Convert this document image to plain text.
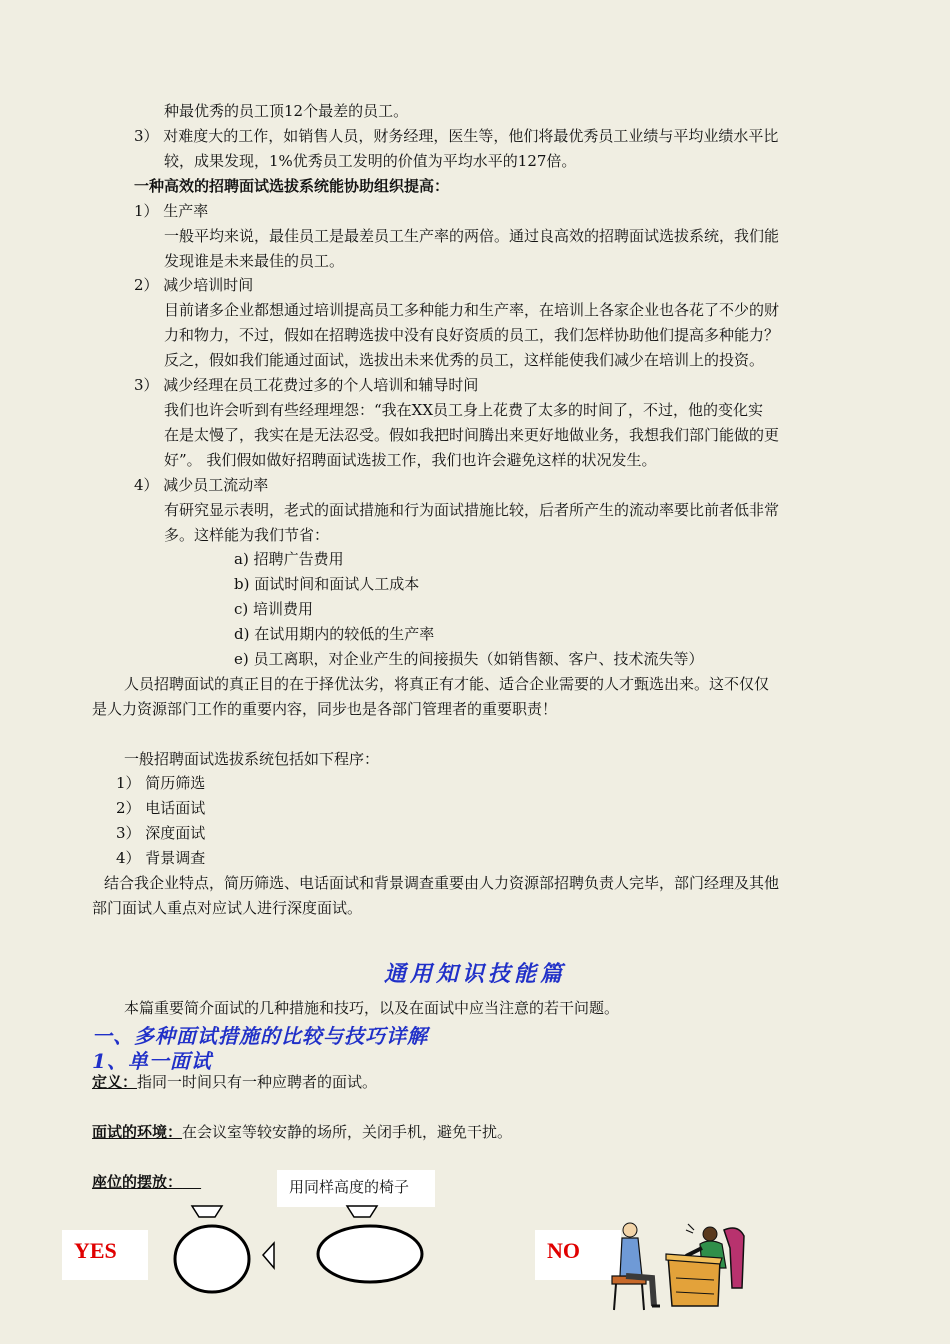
种最优秀的员工顶12个最差的员工。
3） 对难度大的工作，如销售人员，财务经理，医生等，他们将最优秀员工业绩与平均业绩水平比
较，成果发现，1%优秀员工发明的价值为平均水平的127倍。
一种高效的招聘面试选拔系统能协助组织提高：
1） 生产率
一般平均来说，最佳员工是最差员工生产率的两倍。通过良高效的招聘面试选拔系统，我们能
发现谁是未来最佳的员工。
2） 减少培训时间
目前诸多企业都想通过培训提高员工多种能力和生产率，在培训上各家企业也各花了不少的财
力和物力，不过，假如在招聘选拔中没有良好资质的员工，我们怎样协助他们提高多种能力？
反之，假如我们能通过面试，选拔出未来优秀的员工，这样能使我们减少在培训上的投资。
3） 减少经理在员工花费过多的个人培训和辅导时间
我们也许会听到有些经理埋怨：“我在XX员工身上花费了太多的时间了，不过，他的变化实
在是太慢了，我实在是无法忍受。假如我把时间腾出来更好地做业务，我想我们部门能做的更
好”。 我们假如做好招聘面试选拔工作，我们也许会避免这样的状况发生。
4） 减少员工流动率
有研究显示表明，老式的面试措施和行为面试措施比较，后者所产生的流动率要比前者低非常
多。这样能为我们节省：
a) 招聘广告费用
b) 面试时间和面试人工成本
c) 培训费用
d) 在试用期内的较低的生产率
e) 员工离职，对企业产生的间接损失（如销售额、客户、技术流失等）
人员招聘面试的真正目的在于择优汰劣，将真正有才能、适合企业需要的人才甄选出来。这不仅仅
是人力资源部门工作的重要内容，同步也是各部门管理者的重要职责！
一般招聘面试选拔系统包括如下程序：
1） 简历筛选
2） 电话面试
3） 深度面试
4） 背景调查
结合我企业特点，简历筛选、电话面试和背景调查重要由人力资源部招聘负责人完毕，部门经理及其他
部门面试人重点对应试人进行深度面试。
本篇重要简介面试的几种措施和技巧，以及在面试中应当注意的若干问题。
通用知识技能篇
一、多种面试措施的比较与技巧详解
1、单一面试
定义：指同一时间只有一种应聘者的面试。
面试的环境：在会议室等较安静的场所，关闭手机，避免干扰。
座位的摆放：	用同样高度的椅子
YES	NO
